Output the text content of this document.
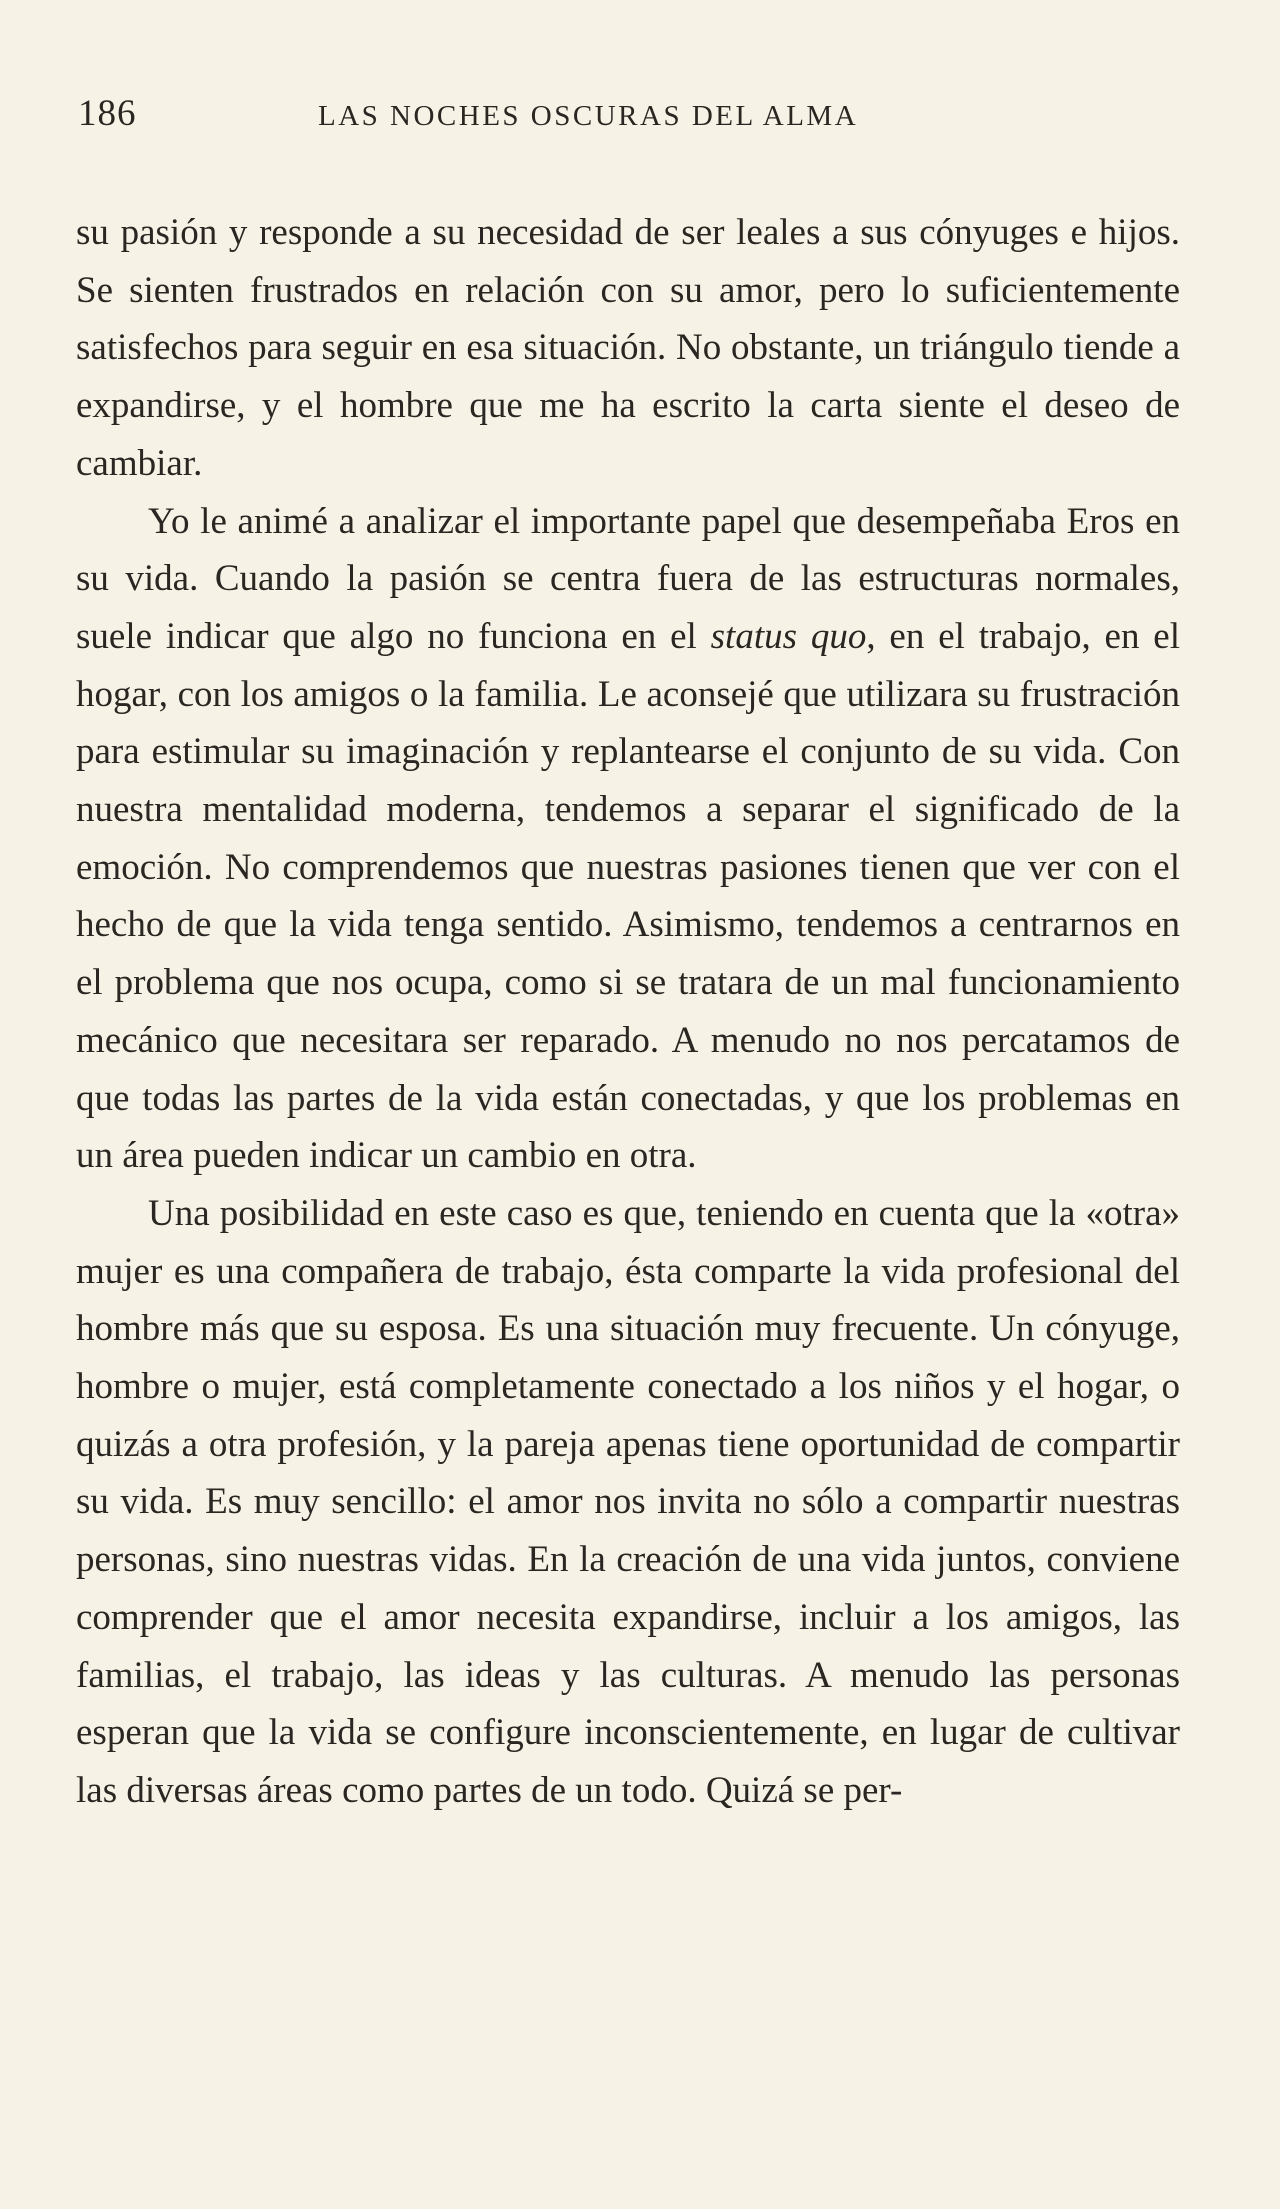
186	LAS NOCHES OSCURAS DEL ALMA

su pasión y responde a su necesidad de ser leales a sus cónyuges e hijos. Se sienten frustrados en relación con su amor, pero lo suficientemente satisfechos para seguir en esa situación. No obstante, un triángulo tiende a expandirse, y el hombre que me ha escrito la carta siente el deseo de cambiar.

Yo le animé a analizar el importante papel que desempeñaba Eros en su vida. Cuando la pasión se centra fuera de las estructuras normales, suele indicar que algo no funciona en el status quo, en el trabajo, en el hogar, con los amigos o la familia. Le aconsejé que utilizara su frustración para estimular su imaginación y replantearse el conjunto de su vida. Con nuestra mentalidad moderna, tendemos a separar el significado de la emoción. No comprendemos que nuestras pasiones tienen que ver con el hecho de que la vida tenga sentido. Asimismo, tendemos a centrarnos en el problema que nos ocupa, como si se tratara de un mal funcionamiento mecánico que necesitara ser reparado. A menudo no nos percatamos de que todas las partes de la vida están conectadas, y que los problemas en un área pueden indicar un cambio en otra.

Una posibilidad en este caso es que, teniendo en cuenta que la «otra» mujer es una compañera de trabajo, ésta comparte la vida profesional del hombre más que su esposa. Es una situación muy frecuente. Un cónyuge, hombre o mujer, está completamente conectado a los niños y el hogar, o quizás a otra profesión, y la pareja apenas tiene oportunidad de compartir su vida. Es muy sencillo: el amor nos invita no sólo a compartir nuestras personas, sino nuestras vidas. En la creación de una vida juntos, conviene comprender que el amor necesita expandirse, incluir a los amigos, las familias, el trabajo, las ideas y las culturas. A menudo las personas esperan que la vida se configure inconscientemente, en lugar de cultivar las diversas áreas como partes de un todo. Quizá se per-
